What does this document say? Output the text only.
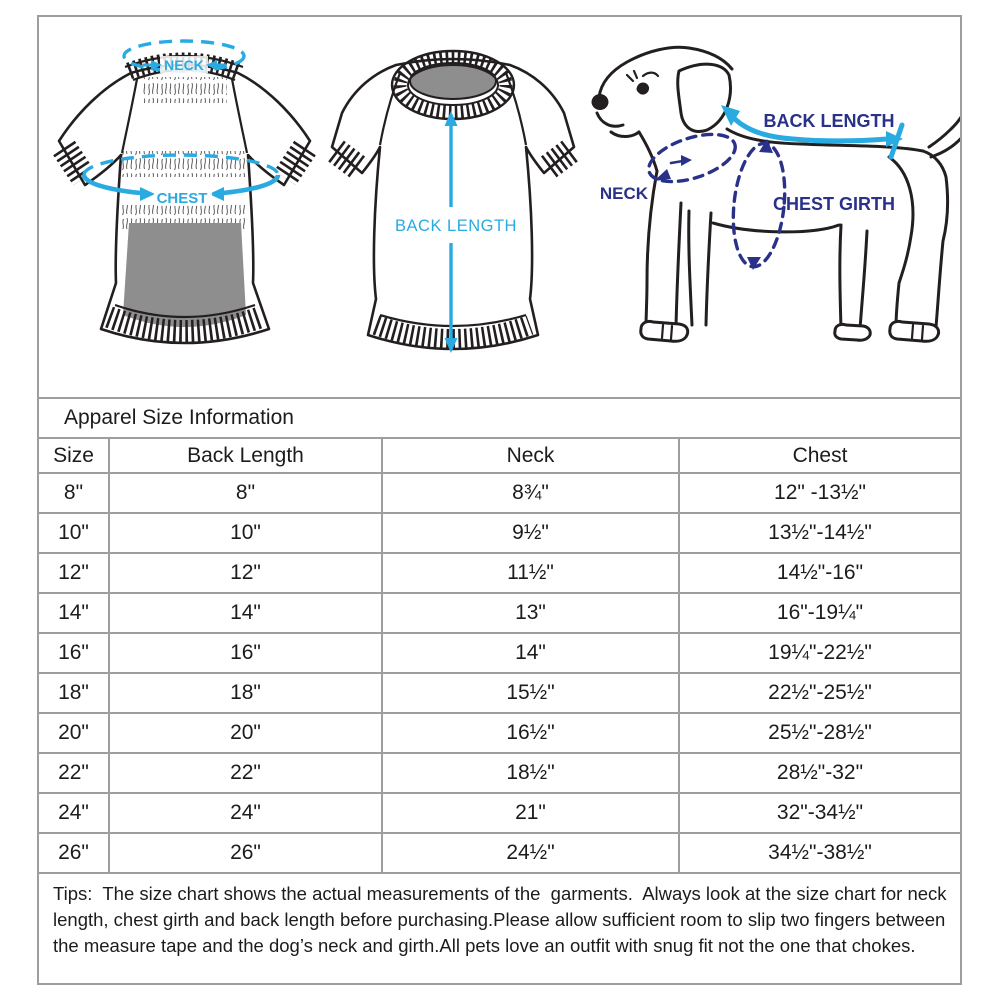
NECK
CHEST
BACK LENGTH
BACK LENGTH
NECK
CHEST GIRTH
Apparel Size Information
Size	Back Length	Neck	Chest
8"	8"	8¾"	12" -13½"
10"	10"	9½"	13½"-14½"
12"	12"	11½"	14½"-16"
14"	14"	13"	16"-19¼"
16"	16"	14"	19¼"-22½"
18"	18"	15½"	22½"-25½"
20"	20"	16½"	25½"-28½"
22"	22"	18½"	28½"-32"
24"	24"	21"	32"-34½"
26"	26"	24½"	34½"-38½"
Tips:  The size chart shows the actual measurements of the  garments.  Always look at the size chart for neck length, chest girth and back length before purchasing.Please allow sufficient room to slip two fingers between the measure tape and the dog’s neck and girth.All pets love an outfit with snug fit not the one that chokes.
